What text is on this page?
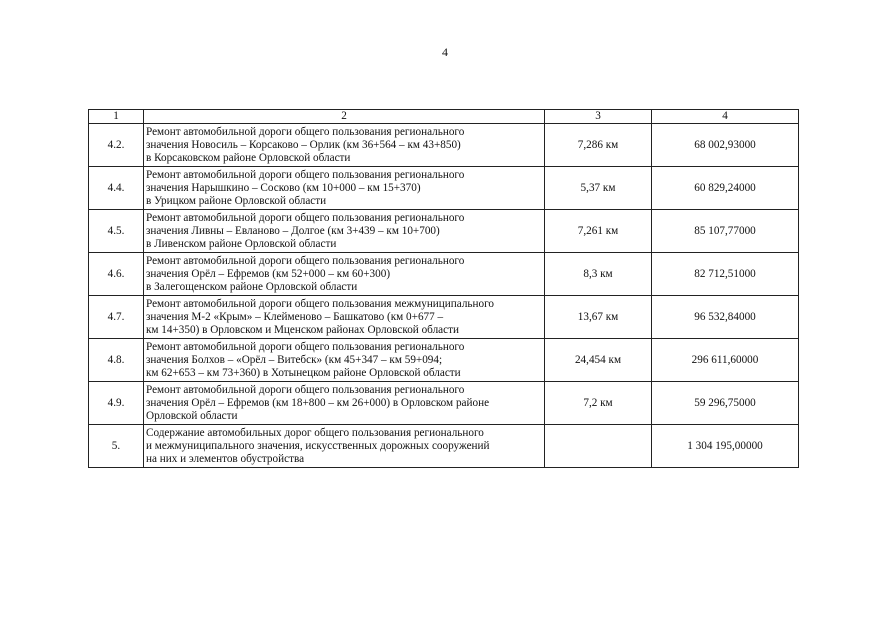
4
1	2	3	4
4.2.	Ремонт автомобильной дороги общего пользования регионального
значения Новосиль – Корсаково – Орлик (км 36+564 – км 43+850)
в Корсаковском районе Орловской области	7,286 км	68 002,93000
4.4.	Ремонт автомобильной дороги общего пользования регионального
значения Нарышкино – Сосково (км 10+000 – км 15+370)
в Урицком районе Орловской области	5,37 км	60 829,24000
4.5.	Ремонт автомобильной дороги общего пользования регионального
значения Ливны – Евланово – Долгое (км 3+439 – км 10+700)
в Ливенском районе Орловской области	7,261 км	85 107,77000
4.6.	Ремонт автомобильной дороги общего пользования регионального
значения Орёл – Ефремов (км 52+000 – км 60+300)
в Залегощенском районе Орловской области	8,3 км	82 712,51000
4.7.	Ремонт автомобильной дороги общего пользования межмуниципального
значения М-2 «Крым» – Клейменово – Башкатово (км 0+677 –
км 14+350) в Орловском и Мценском районах Орловской области	13,67 км	96 532,84000
4.8.	Ремонт автомобильной дороги общего пользования регионального
значения Болхов – «Орёл – Витебск» (км 45+347 – км 59+094;
км 62+653 – км 73+360) в Хотынецком районе Орловской области	24,454 км	296 611,60000
4.9.	Ремонт автомобильной дороги общего пользования регионального
значения Орёл – Ефремов (км 18+800 – км 26+000) в Орловском районе
Орловской области	7,2 км	59 296,75000
5.	Содержание автомобильных дорог общего пользования регионального
и межмуниципального значения, искусственных дорожных сооружений
на них и элементов обустройства		1 304 195,00000
